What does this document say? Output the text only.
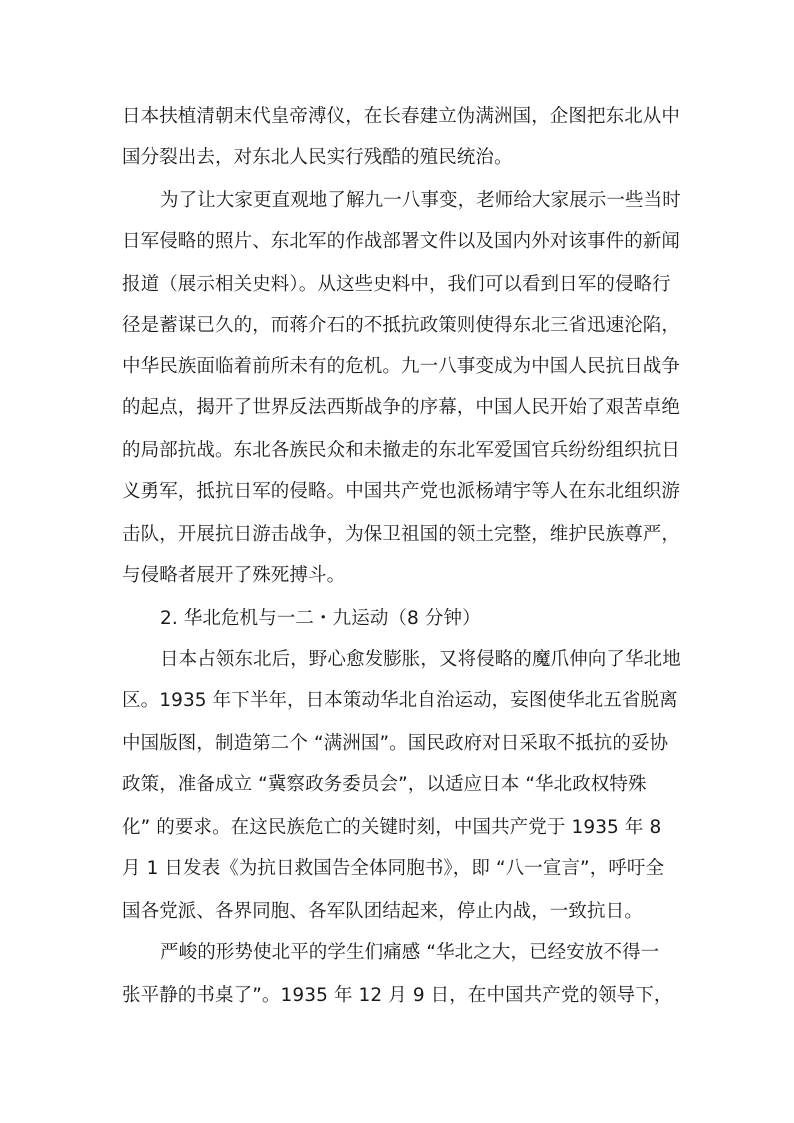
日本扶植清朝末代皇帝溥仪，在长春建立伪满洲国，企图把东北从中
国分裂出去，对东北人民实行残酷的殖民统治。
为了让大家更直观地了解九一八事变，老师给大家展示一些当时
日军侵略的照片、东北军的作战部署文件以及国内外对该事件的新闻
报道（展示相关史料）。从这些史料中，我们可以看到日军的侵略行
径是蓄谋已久的，而蒋介石的不抵抗政策则使得东北三省迅速沦陷，
中华民族面临着前所未有的危机。九一八事变成为中国人民抗日战争
的起点，揭开了世界反法西斯战争的序幕，中国人民开始了艰苦卓绝
的局部抗战。东北各族民众和未撤走的东北军爱国官兵纷纷组织抗日
义勇军，抵抗日军的侵略。中国共产党也派杨靖宇等人在东北组织游
击队，开展抗日游击战争，为保卫祖国的领土完整，维护民族尊严，
与侵略者展开了殊死搏斗。
2. 华北危机与一二・九运动（8 分钟）
日本占领东北后，野心愈发膨胀，又将侵略的魔爪伸向了华北地
区。1935 年下半年，日本策动华北自治运动，妄图使华北五省脱离
中国版图，制造第二个 “满洲国”。国民政府对日采取不抵抗的妥协
政策，准备成立 “冀察政务委员会”，以适应日本 “华北政权特殊
化” 的要求。在这民族危亡的关键时刻，中国共产党于 1935 年 8
月 1 日发表《为抗日救国告全体同胞书》，即 “八一宣言”，呼吁全
国各党派、各界同胞、各军队团结起来，停止内战，一致抗日。
严峻的形势使北平的学生们痛感 “华北之大，已经安放不得一
张平静的书桌了”。1935 年 12 月 9 日，在中国共产党的领导下，
